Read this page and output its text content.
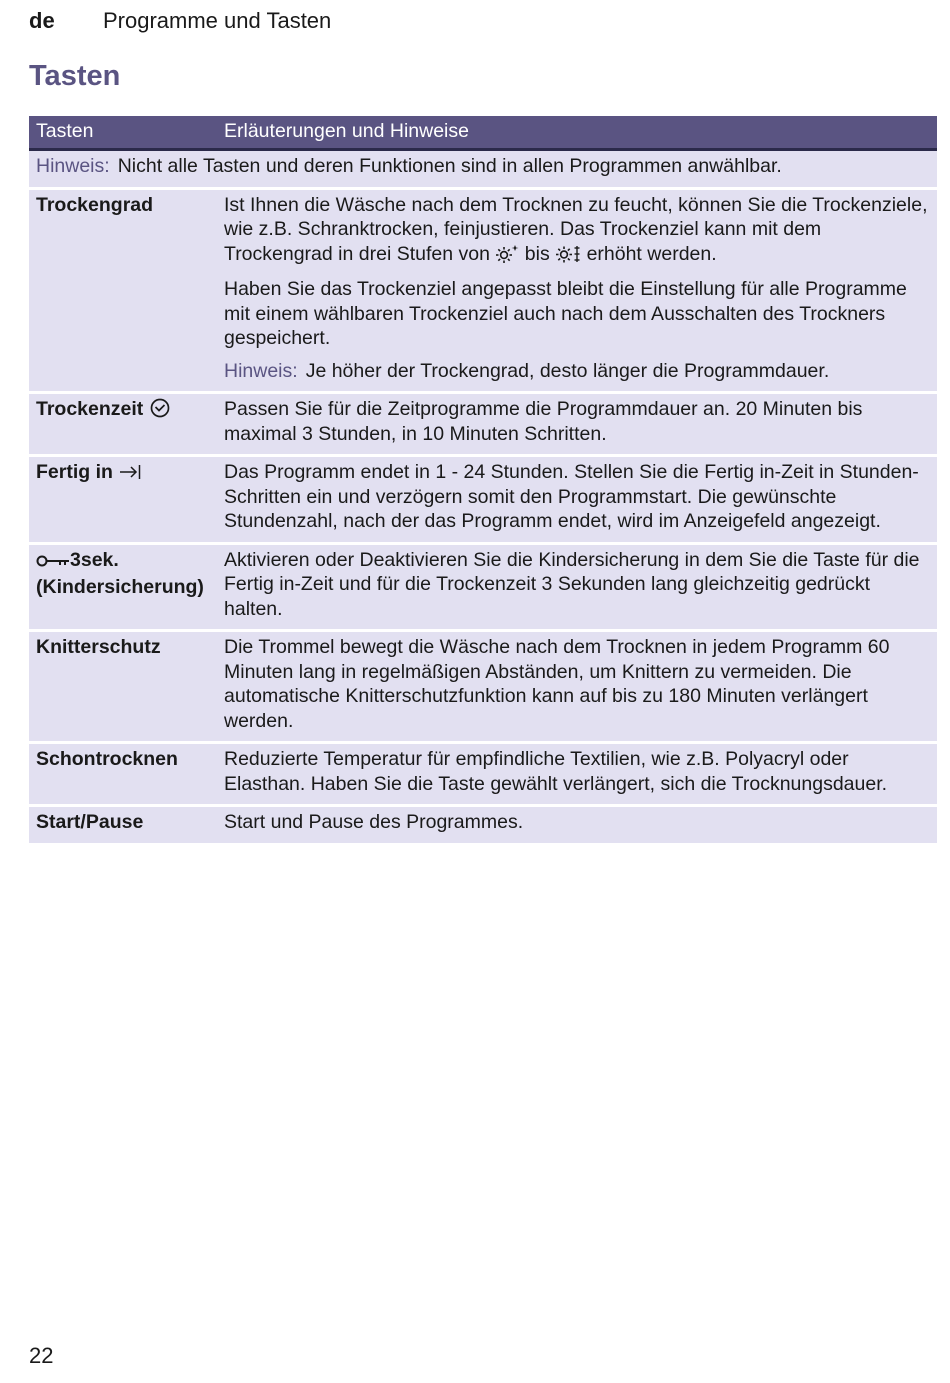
de	Programme und Tasten
Tasten
Tasten	Erläuterungen und Hinweise
Hinweis: Nicht alle Tasten und deren Funktionen sind in allen Programmen anwählbar.	
Trockengrad	Ist Ihnen die Wäsche nach dem Trocknen zu feucht, können Sie die Trockenziele, wie z.B. Schranktrocken, feinjustieren. Das Trockenziel kann mit dem Trockengrad in drei Stufen von bis erhöht werden.
Haben Sie das Trockenziel angepasst bleibt die Einstellung für alle Programme mit einem wählbaren Trockenziel auch nach dem Ausschalten des Trockners gespeichert.
Hinweis: Je höher der Trockengrad, desto länger die Programmdauer.

Trockenzeit	Passen Sie für die Zeitprogramme die Programmdauer an. 20 Minuten bis maximal 3 Stunden, in 10 Minuten Schritten.
Fertig in	Das Programm endet in 1 - 24 Stunden. Stellen Sie die Fertig in-Zeit in Stunden-Schritten ein und verzögern somit den Programmstart. Die gewünschte Stundenzahl, nach der das Programm endet, wird im Anzeigefeld angezeigt.

3sek.
(Kindersicherung)	Aktivieren oder Deaktivieren Sie die Kindersicherung in dem Sie die Taste für die Fertig in-Zeit und für die Trockenzeit 3 Sekunden lang gleichzeitig gedrückt halten.
Knitterschutz	Die Trommel bewegt die Wäsche nach dem Trocknen in jedem Programm 60 Minuten lang in regelmäßigen Abständen, um Knittern zu vermeiden. Die automatische Knitterschutzfunktion kann auf bis zu 180 Minuten verlängert werden.
Schontrocknen	Reduzierte Temperatur für empfindliche Textilien, wie z.B. Polyacryl oder Elasthan. Haben Sie die Taste gewählt verlängert, sich die Trocknungsdauer.
Start/Pause	Start und Pause des Programmes.
22
